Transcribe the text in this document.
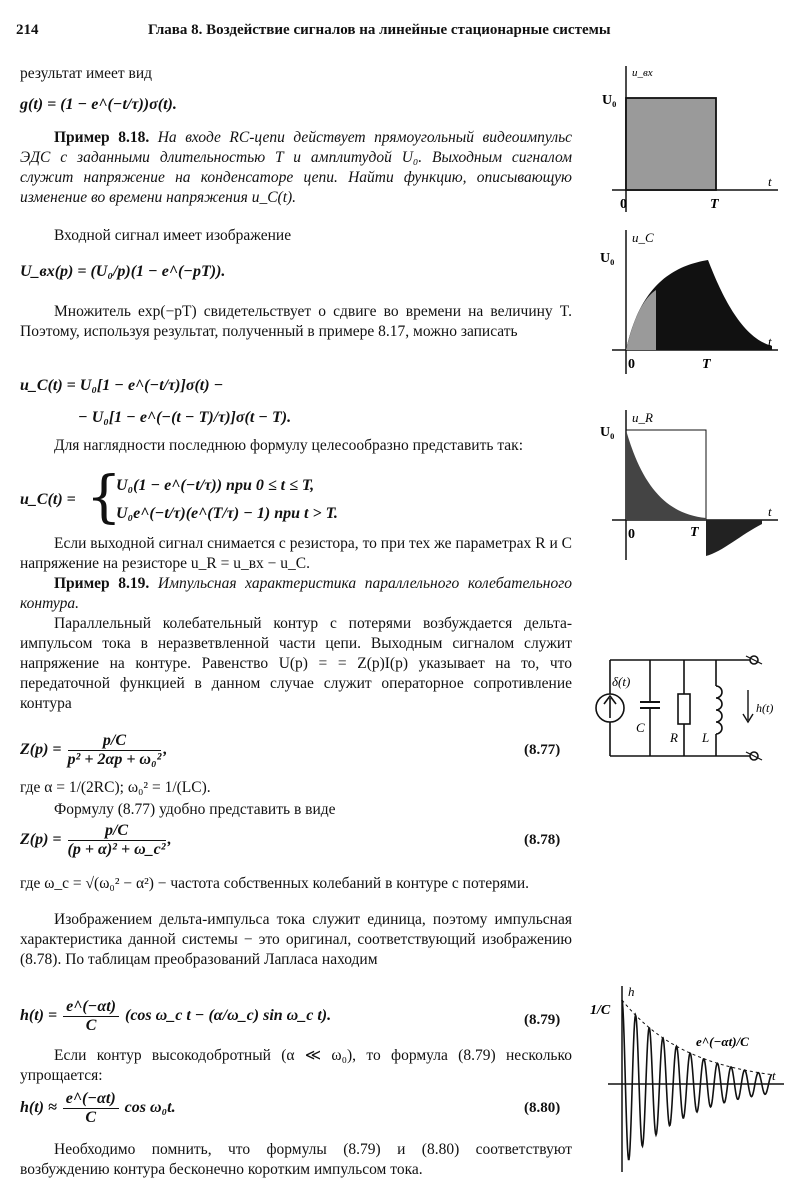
214	Глава 8. Воздействие сигналов на линейные стационарные системы
результат имеет вид
g(t) = (1 − e^(−t/τ))σ(t).
Пример 8.18. На входе RC-цепи действует прямоугольный видеоимпульс ЭДС с заданными длительностью T и амплитудой U₀. Выходным сигналом служит напряжение на конденсаторе цепи. Найти функцию, описывающую изменение во времени напряжения u_C(t).
Входной сигнал имеет изображение
U_вх(p) = (U₀/p)(1 − e^(−pT)).
Множитель exp(−pT) свидетельствует о сдвиге во времени на величину T. Поэтому, используя результат, полученный в примере 8.17, можно записать
u_C(t) = U₀[1 − e^(−t/τ)]σ(t) −
− U₀[1 − e^(−(t − T)/τ)]σ(t − T).
Для наглядности последнюю формулу целесообразно представить так:
u_C(t) = {
U₀(1 − e^(−t/τ)) при 0 ≤ t ≤ T,
U₀e^(−t/τ)(e^(T/τ) − 1) при t > T.
Если выходной сигнал снимается с резистора, то при тех же параметрах R и C напряжение на резисторе u_R = u_вх − u_C.
Пример 8.19. Импульсная характеристика параллельного колебательного контура.
Параллельный колебательный контур с потерями возбуждается дельта-импульсом тока в неразветвленной части цепи. Выходным сигналом служит напряжение на контуре. Равенство U(p) = = Z(p)I(p) указывает на то, что передаточной функцией в данном случае служит операторное сопротивление контура
$Z(p) = \frac{p/C}{\text{p² + 2αp + ω₀²}}$ ,	(8.77)
где α = 1/(2RC); ω₀² = 1/(LC).
Формулу (8.77) удобно представить в виде
$Z(p) = \frac{p/C}{\text{(p + α)² + ω\_c²}}$ ,	(8.78)
где ω_c = √(ω₀² − α²) − частота собственных колебаний в контуре с потерями.
Изображением дельта-импульса тока служит единица, поэтому импульсная характеристика данной системы − это оригинал, соответствующий изображению (8.78). По таблицам преобразований Лапласа находим
$h(t) = \frac{e\^{}(-\alpha t)}{C} (\cos$ ω_c t − (α/ω_c) sin ω_c t).	(8.79)
Если контур высокодобротный (α ≪ ω₀), то формула (8.79) несколько упрощается:
$h(t) \approx \frac{e\^{}(-\alpha t)}{C}$ cos ω₀t.	(8.80)
Необходимо помнить, что формулы (8.79) и (8.80) соответствуют возбуждению контура бесконечно коротким импульсом тока.
u_вх
U₀
0	T
t
u_C
U₀
0	T
t
u_R
U₀
0	T
t
δ(t)
C
R L
h(t)
h
1/C
e^(−αt)/C
t
